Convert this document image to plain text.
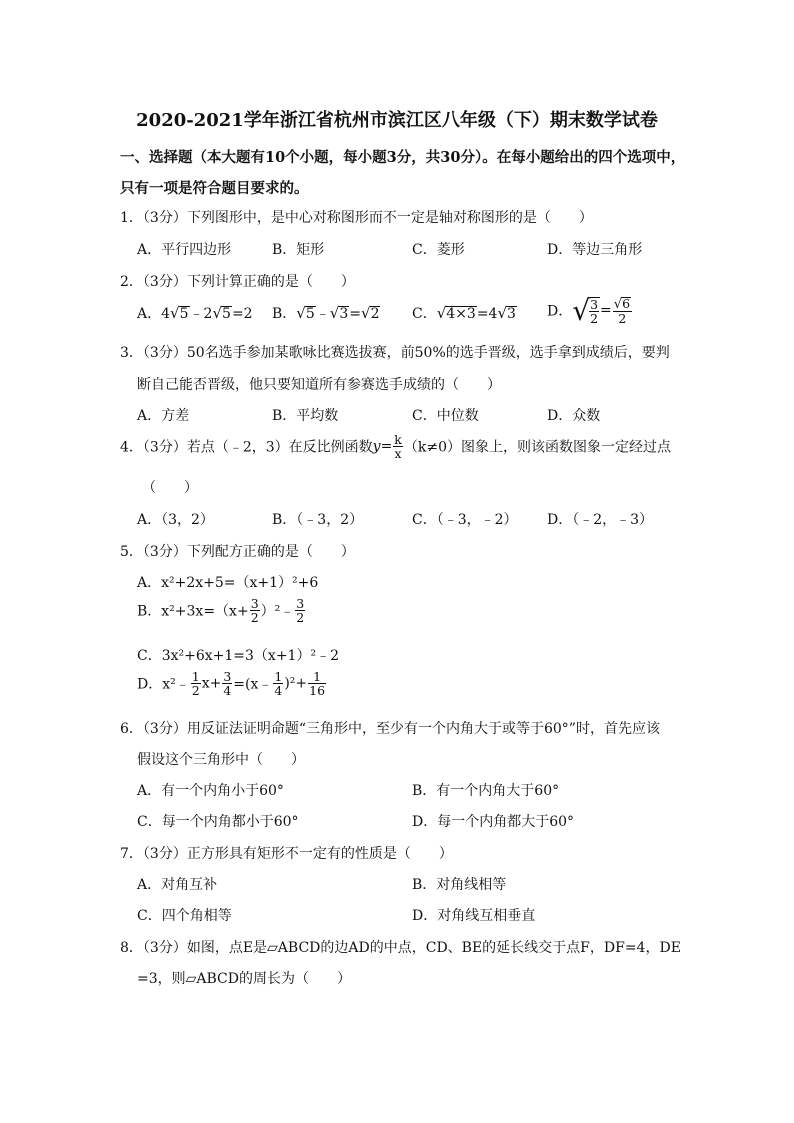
2020-2021学年浙江省杭州市滨江区八年级（下）期末数学试卷
一、选择题（本大题有10个小题，每小题3分，共30分）。在每小题给出的四个选项中，
只有一项是符合题目要求的。
1．（3分）下列图形中，是中心对称图形而不一定是轴对称图形的是（　　）
A．平行四边形	B．矩形	C．菱形	D．等边三角形
2．（3分）下列计算正确的是（　　）
A．4√5﹣2√5=2 B．√5﹣√3=√2 C．√4×3=4√3 D．√ $\frac{3}{2} = \frac{√6}{2}$
3．（3分）50名选手参加某歌咏比赛选拔赛，前50%的选手晋级，选手拿到成绩后，要判
断自己能否晋级，他只要知道所有参赛选手成绩的（　　）
A．方差	B．平均数	C．中位数	D．众数
4．（3分）若点（﹣2，3）在反比例函数$y= \frac{k}{x} (k\ne 0)$图象上，则该函数图象一定经过点
（　　）
A．（3，2）	B．（﹣3，2）	C．（﹣3，﹣2） D．（﹣2，﹣3）
5．（3分）下列配方正确的是（　　）
A．x²+2x+5=（x+1）²+6
B．$x^2+3x=(x+ \frac{3}{2}$ ）²﹣ $\frac{3}{2}$
C．3x²+6x+1=3（x+1）²﹣2
D．x²﹣ $\frac{1}{2} x+ \frac{3}{4}$ =(x﹣ $\frac{1}{4} )^2+ \frac{1}{16}$
6．（3分）用反证法证明命题“三角形中，至少有一个内角大于或等于60°”时，首先应该
假设这个三角形中（　　）
A．有一个内角小于60°	B．有一个内角大于60°
C．每一个内角都小于60°	D．每一个内角都大于60°
7．（3分）正方形具有矩形不一定有的性质是（　　）
A．对角互补	B．对角线相等
C．四个角相等	D．对角线互相垂直
8．（3分）如图，点E是▱ABCD的边AD的中点，CD、BE的延长线交于点F，DF=4，DE
=3，则▱ABCD的周长为（　　）
